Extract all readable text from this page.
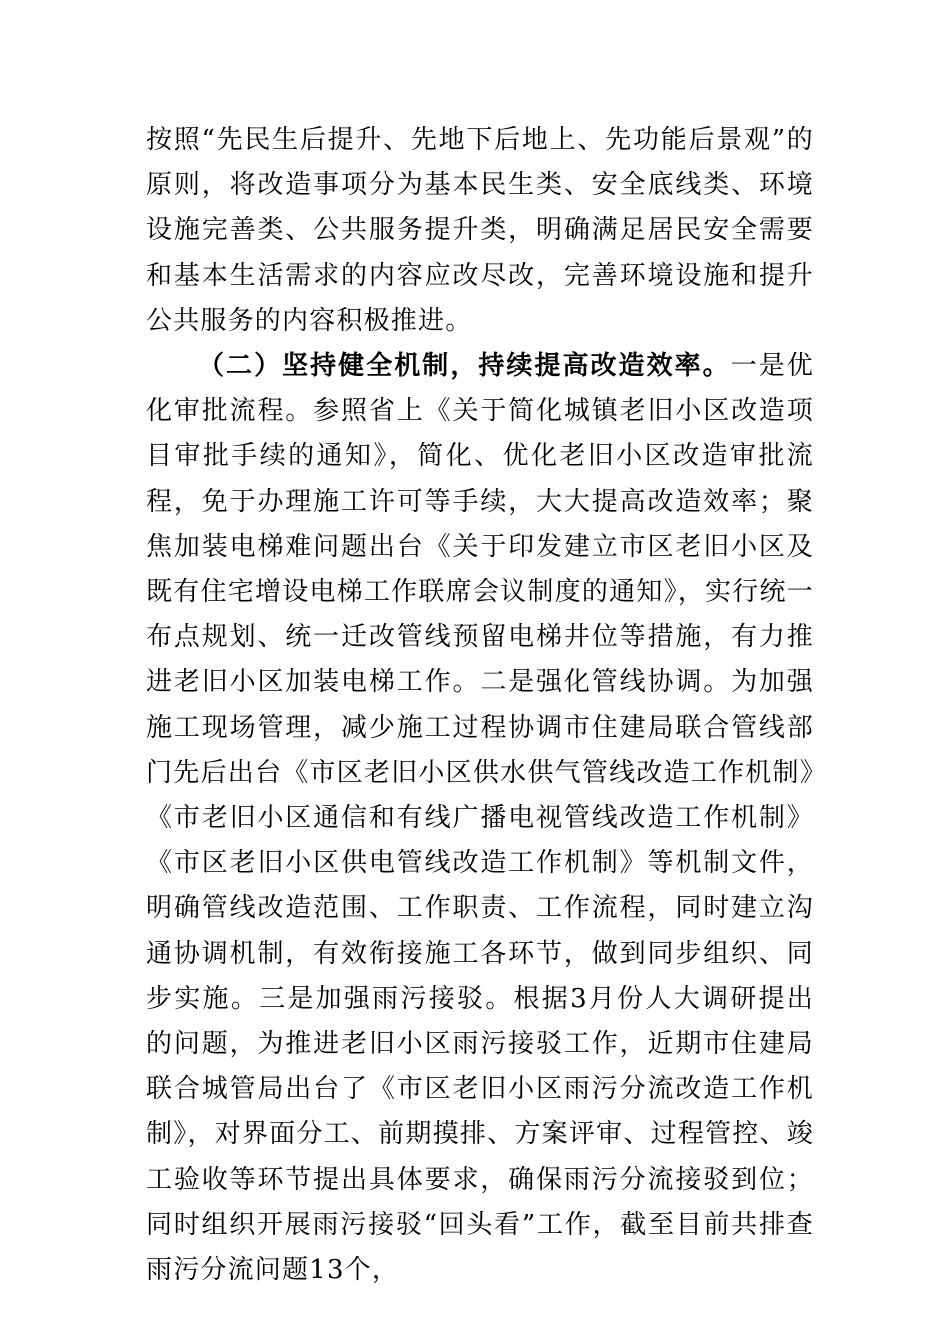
按照“先民生后提升、先地下后地上、先功能后景观”的原则，将改造事项分为基本民生类、安全底线类、环境设施完善类、公共服务提升类，明确满足居民安全需要和基本生活需求的内容应改尽改，完善环境设施和提升公共服务的内容积极推进。

（二）坚持健全机制，持续提高改造效率。一是优化审批流程。参照省上《关于简化城镇老旧小区改造项目审批手续的通知》，简化、优化老旧小区改造审批流程，免于办理施工许可等手续，大大提高改造效率；聚焦加装电梯难问题出台《关于印发建立市区老旧小区及既有住宅增设电梯工作联席会议制度的通知》，实行统一布点规划、统一迁改管线预留电梯井位等措施，有力推进老旧小区加装电梯工作。二是强化管线协调。为加强施工现场管理，减少施工过程协调市住建局联合管线部门先后出台《市区老旧小区供水供气管线改造工作机制》《市老旧小区通信和有线广播电视管线改造工作机制》《市区老旧小区供电管线改造工作机制》等机制文件，明确管线改造范围、工作职责、工作流程，同时建立沟通协调机制，有效衔接施工各环节，做到同步组织、同步实施。三是加强雨污接驳。根据3月份人大调研提出的问题，为推进老旧小区雨污接驳工作，近期市住建局联合城管局出台了《市区老旧小区雨污分流改造工作机制》，对界面分工、前期摸排、方案评审、过程管控、竣工验收等环节提出具体要求，确保雨污分流接驳到位；同时组织开展雨污接驳“回头看”工作，截至目前共排查雨污分流问题13个，
